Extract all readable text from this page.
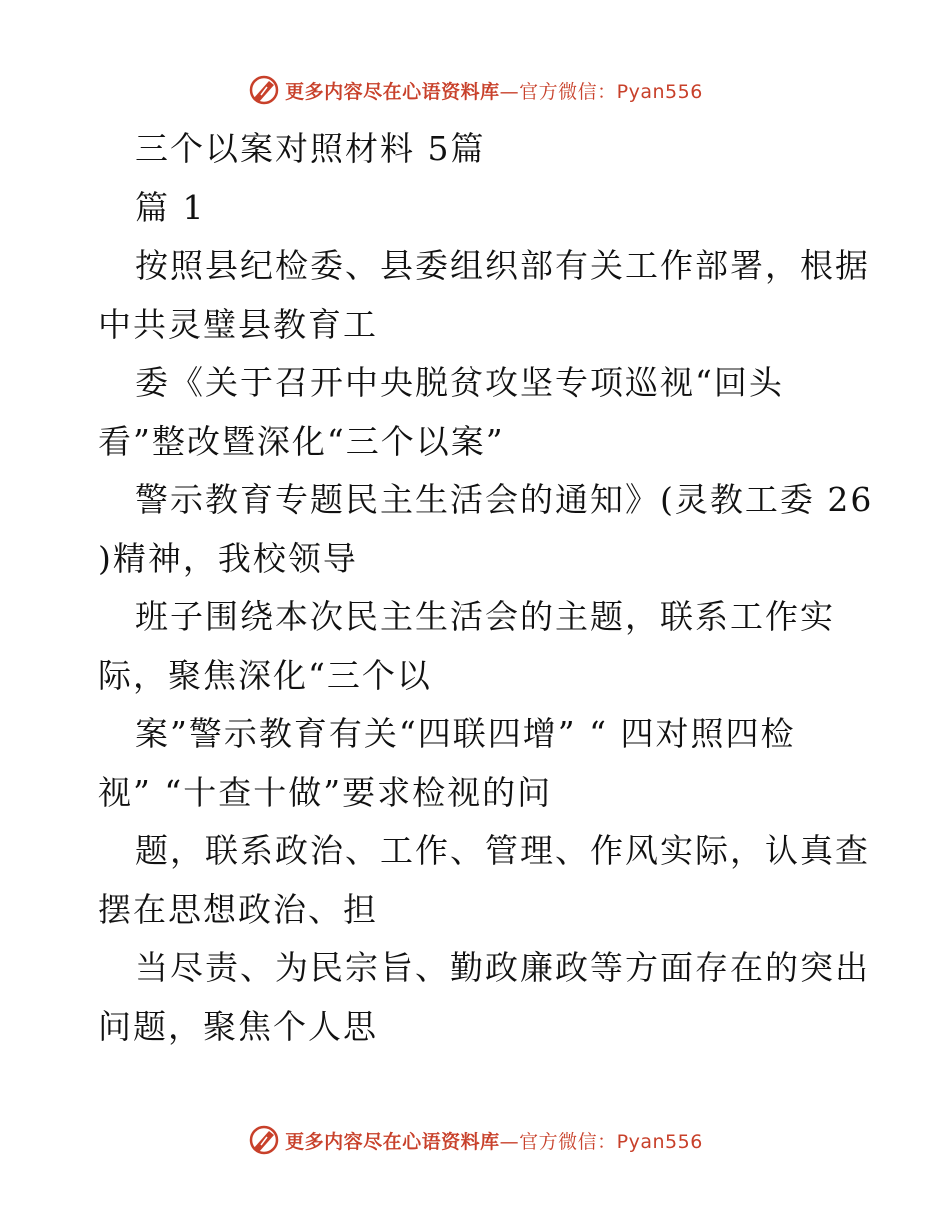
更多内容尽在心语资料库—官方微信：Pyan556
三个以案对照材料 5篇
篇 1
按照县纪检委、县委组织部有关工作部署，根据
中共灵璧县教育工
委《关于召开中央脱贫攻坚专项巡视“回头
看”整改暨深化“三个以案”
警示教育专题民主生活会的通知》(灵教工委 26
)精神，我校领导
班子围绕本次民主生活会的主题，联系工作实
际，聚焦深化“三个以
案”警示教育有关“四联四增” “ 四对照四检
视” “十查十做”要求检视的问
题，联系政治、工作、管理、作风实际，认真查
摆在思想政治、担
当尽责、为民宗旨、勤政廉政等方面存在的突出
问题，聚焦个人思
更多内容尽在心语资料库—官方微信：Pyan556
